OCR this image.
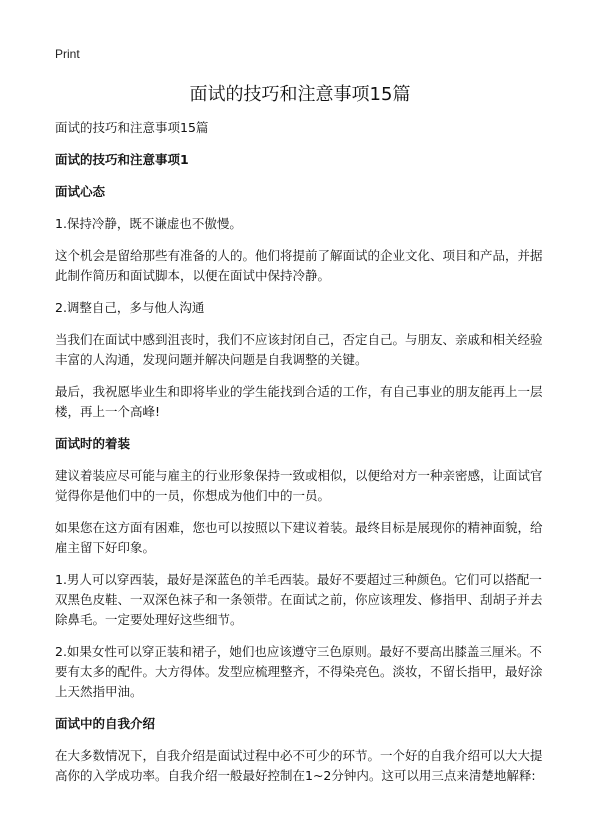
Print
面试的技巧和注意事项15篇
面试的技巧和注意事项15篇
面试的技巧和注意事项1
面试心态
1.保持冷静，既不谦虚也不傲慢。
这个机会是留给那些有准备的人的。他们将提前了解面试的企业文化、项目和产品，并据此制作简历和面试脚本，以便在面试中保持冷静。
2.调整自己，多与他人沟通
当我们在面试中感到沮丧时，我们不应该封闭自己，否定自己。与朋友、亲戚和相关经验丰富的人沟通，发现问题并解决问题是自我调整的关键。
最后，我祝愿毕业生和即将毕业的学生能找到合适的工作，有自己事业的朋友能再上一层楼，再上一个高峰!
面试时的着装
建议着装应尽可能与雇主的行业形象保持一致或相似，以便给对方一种亲密感，让面试官觉得你是他们中的一员，你想成为他们中的一员。
如果您在这方面有困难，您也可以按照以下建议着装。最终目标是展现你的精神面貌，给雇主留下好印象。
1.男人可以穿西装，最好是深蓝色的羊毛西装。最好不要超过三种颜色。它们可以搭配一双黑色皮鞋、一双深色袜子和一条领带。在面试之前，你应该理发、修指甲、刮胡子并去除鼻毛。一定要处理好这些细节。
2.如果女性可以穿正装和裙子，她们也应该遵守三色原则。最好不要高出膝盖三厘米。不要有太多的配件。大方得体。发型应梳理整齐，不得染亮色。淡妆，不留长指甲，最好涂上天然指甲油。
面试中的自我介绍
在大多数情况下，自我介绍是面试过程中必不可少的环节。一个好的自我介绍可以大大提高你的入学成功率。自我介绍一般最好控制在1~2分钟内。这可以用三点来清楚地解释:
